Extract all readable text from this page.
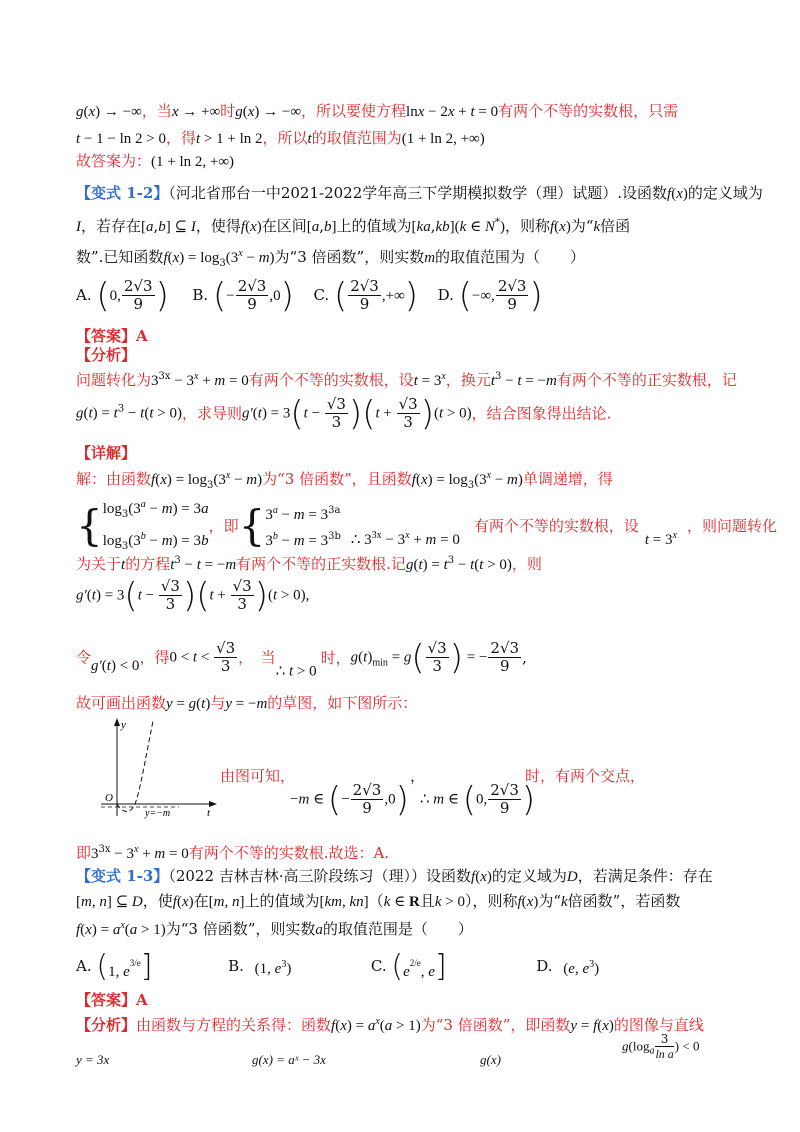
g(x) → −∞，当x → +∞时g(x) → −∞，所以要使方程lnx − 2x + t = 0有两个不等的实数根，只需
t − 1 − ln 2 > 0，得t > 1 + ln 2，所以t的取值范围为(1 + ln 2, +∞)
故答案为：(1 + ln 2, +∞)
【变式 1-2】（河北省邢台一中2021-2022学年高三下学期模拟数学（理）试题）.设函数f(x)的定义域为
I，若存在[a,b] ⊆ I，使得f(x)在区间[a,b]上的值域为[ka,kb](k ∈ N*)，则称f(x)为“k倍函
数”.已知函数$f(x) = \log_3(3^x - m)$为“3 倍函数”，则实数m的取值范围为（　　）
A. (0, $\frac{2√3}{9}$ ) B. (− $\frac{2√3}{9} ,0$) C. ( $\frac{2√3}{9}$ ,+∞) D. (−∞, $\frac{2√3}{9}$ )
【答案】A
【分析】
问题转化为$3^{3x} - 3^x + m = 0$有两个不等的实数根，设$t = 3^x$，换元$t^3 - t = -m$有两个不等的正实数根，记
$g(t) = t^3 - t(t > 0)$，求导则$g'(t) = 3(t - \frac{√3}{3} )(t + \frac{√3}{3} )(t > 0)$，结合图象得出结论.
【详解】
解：由函数$f(x) = \log_3(3^x - m)$为“3 倍函数”，且函数$f(x) = \log_3(3^x - m)$单调递增，得
{ $\log_3(3^a - m) = 3a$
$\log_3(3^b - m) = 3b$
，即{ $3^a - m = 3^{3a}$
$3^b - m = 3^{3b}$ ∴ $3^{3x} - 3^x + m = 0$有两个不等的实数根，设$t = 3^x$，则问题转化
为关于t的方程$t^3 - t = -m$有两个不等的正实数根.记$g(t) = t^3 - t(t > 0)$，则
$g'(t) = 3(t - \frac{√3}{3} )(t + \frac{√3}{3} )(t > 0)$,
令g′(t) < 0，得$0 < t < \frac{√3}{3}$ ，　当∴ t > 0时，$g(t)_{min} = g( \frac{√3}{3}$ ) = − $\frac{2√3}{9}$ ,
故可画出函数y = g(t)与y = −m的草图，如下图所示：
y
t
O
y=−m
由图可知，
−m ∈ (− $\frac{2√3}{9} ,0$)
，
∴ m ∈ (0, $\frac{2√3}{9}$ )
时，有两个交点，
即$3^{3x} - 3^x + m = 0$有两个不等的实数根.故选：A.
【变式 1-3】（2022 吉林吉林·高三阶段练习（理））设函数f(x)的定义域为D，若满足条件：存在
[m, n] ⊆ D，使f(x)在[m, n]上的值域为[km, kn]（k ∈ R且k > 0），则称f(x)为“k倍函数”，若函数
$f(x) = a^x(a > 1)$为“3 倍函数”，则实数a的取值范围是（　　）
A. (1, $e^{3/e}$]	B. (1, $e^3$)	C. ($e^{2/e}$, e]	D. (e, $e^3$)
【答案】A
【分析】由函数与方程的关系得：函数$f(x) = a^x(a > 1)$为“3 倍函数”，即函数y = f(x)的图像与直线
y = 3x	g(x) = aˣ − 3x	g(x)
$g(\log_a \frac{3}{\text{ln a}}$ ) < 0
